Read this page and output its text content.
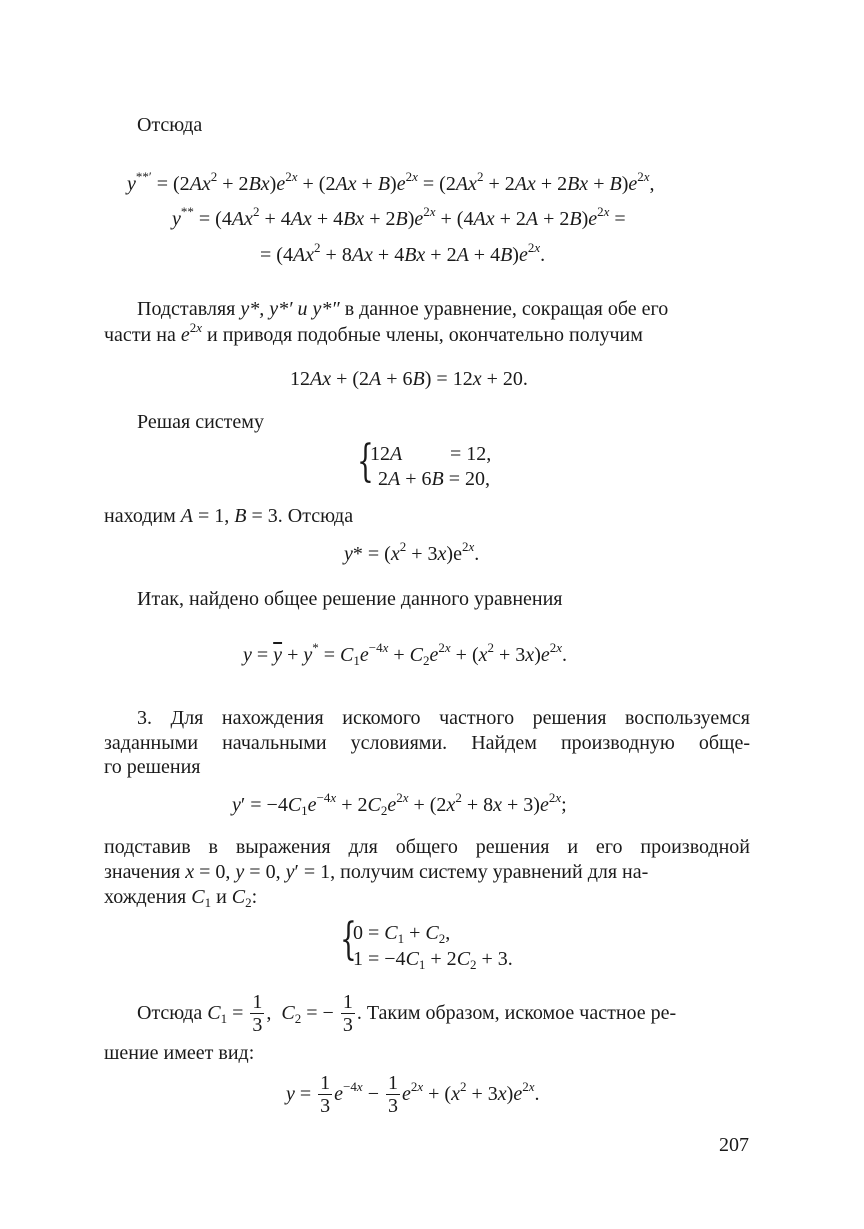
Отсюда
$y^{**'} = (2Ax^2 + 2Bx)e^{2x} + (2Ax + B)e^{2x} = (2Ax^2 + 2Ax + 2Bx + B)e^{2x}$,
$y^{**} = (4Ax^2 + 4Ax + 4Bx + 2B)e^{2x} + (4Ax + 2A + 2B)e^{2x}$ =
= $(4Ax^2 + 8Ax + 4Bx + 2A + 4B)e^{2x}$.
Подставляя y*, y*′ и y*″ в данное уравнение, сокращая обе его
части на $e^{2x}$ и приводя подобные члены, окончательно получим
12Ax + (2A + 6B) = 12x + 20.
Решая систему
{
12A = 12,
2A + 6B = 20,
находим A = 1, B = 3. Отсюда
$y* = (x^2 + 3x)e^{2x}$.
Итак, найдено общее решение данного уравнения
$y = \overline{y} + y^* = C_1e^{-4x} + C_2e^{2x} + (x^2 + 3x)e^{2x}$.
3. Для нахождения искомого частного решения воспользуемся
заданными начальными условиями. Найдем производную обще-
го решения
$y' = -4C_1e^{-4x} + 2C_2e^{2x} + (2x^2 + 8x + 3)e^{2x}$;
подставив в выражения для общего решения и его производной
значения x = 0, y = 0, y′ = 1, получим систему уравнений для на-
хождения $C_1$ и $C_2$:
{
$0 = C_1 + C_2$,
$1 = -4C_1 + 2C_2 + 3$.
Отсюда $C_1 = \frac{1}{3}$ ,  $C_2$ = − $\frac{1}{3}$ . Таким образом, искомое частное ре-
шение имеет вид:
$y = \frac{1}{3} e^{-4x} - \frac{1}{3} e^{2x} + (x^2 + 3x)e^{2x}$.
207
